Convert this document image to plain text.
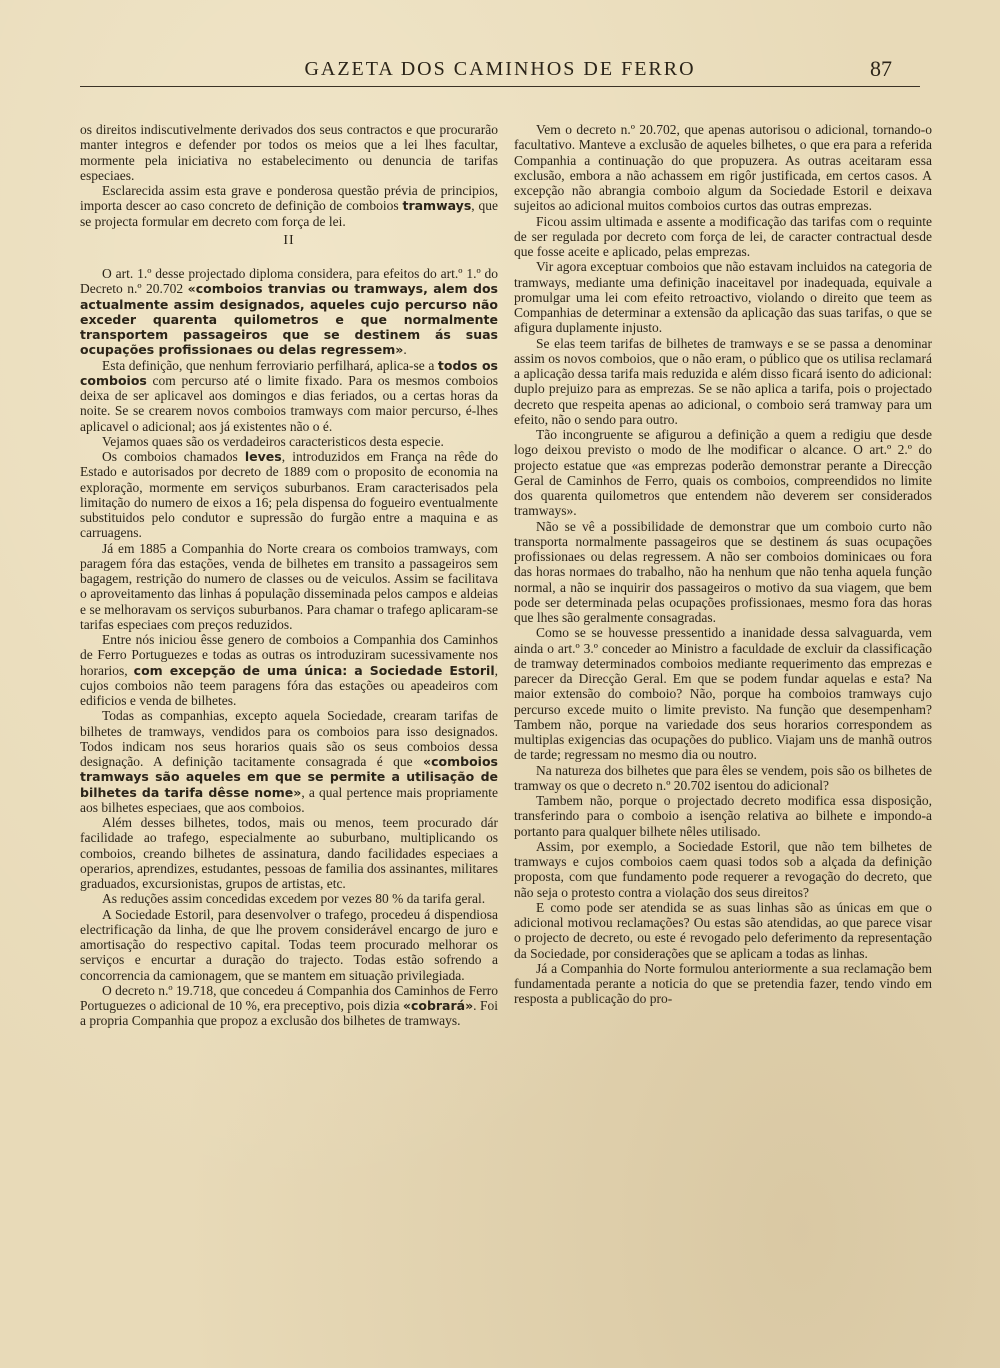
GAZETA DOS CAMINHOS DE FERRO	87

os direitos indiscutivelmente derivados dos seus contractos e que procurarão manter integros e defender por todos os meios que a lei lhes facultar, mormente pela iniciativa no estabelecimento ou denuncia de tarifas especiaes.

Esclarecida assim esta grave e ponderosa questão prévia de principios, importa descer ao caso concreto de definição de comboios tramways, que se projecta formular em decreto com força de lei.

II

O art. 1.º desse projectado diploma considera, para efeitos do art.º 1.º do Decreto n.º 20.702 «comboios tranvias ou tramways, alem dos actualmente assim designados, aqueles cujo percurso não exceder quarenta quilometros e que normalmente transportem passageiros que se destinem ás suas ocupações profissionaes ou delas regressem».

Esta definição, que nenhum ferroviario perfilhará, aplica-se a todos os comboios com percurso até o limite fixado. Para os mesmos comboios deixa de ser aplicavel aos domingos e dias feriados, ou a certas horas da noite. Se se crearem novos comboios tramways com maior percurso, é-lhes aplicavel o adicional; aos já existentes não o é.

Vejamos quaes são os verdadeiros caracteristicos desta especie.

Os comboios chamados leves, introduzidos em França na rêde do Estado e autorisados por decreto de 1889 com o proposito de economia na exploração, mormente em serviços suburbanos. Eram caracterisados pela limitação do numero de eixos a 16; pela dispensa do fogueiro eventualmente substituidos pelo condutor e supressão do furgão entre a maquina e as carruagens.

Já em 1885 a Companhia do Norte creara os comboios tramways, com paragem fóra das estações, venda de bilhetes em transito a passageiros sem bagagem, restrição do numero de classes ou de veiculos. Assim se facilitava o aproveitamento das linhas á população disseminada pelos campos e aldeias e se melhoravam os serviços suburbanos. Para chamar o trafego aplicaram-se tarifas especiaes com preços reduzidos.

Entre nós iniciou êsse genero de comboios a Companhia dos Caminhos de Ferro Portuguezes e todas as outras os introduziram sucessivamente nos horarios, com excepção de uma única: a Sociedade Estoril, cujos comboios não teem paragens fóra das estações ou apeadeiros com edificios e venda de bilhetes.

Todas as companhias, excepto aquela Sociedade, crearam tarifas de bilhetes de tramways, vendidos para os comboios para isso designados. Todos indicam nos seus horarios quais são os seus comboios dessa designação. A definição tacitamente consagrada é que «comboios tramways são aqueles em que se permite a utilisação de bilhetes da tarifa dêsse nome», a qual pertence mais propriamente aos bilhetes especiaes, que aos comboios.

Além desses bilhetes, todos, mais ou menos, teem procurado dár facilidade ao trafego, especialmente ao suburbano, multiplicando os comboios, creando bilhetes de assinatura, dando facilidades especiaes a operarios, aprendizes, estudantes, pessoas de familia dos assinantes, militares graduados, excursionistas, grupos de artistas, etc.

As reduções assim concedidas excedem por vezes 80 % da tarifa geral.

A Sociedade Estoril, para desenvolver o trafego, procedeu á dispendiosa electrificação da linha, de que lhe provem considerável encargo de juro e amortisação do respectivo capital. Todas teem procurado melhorar os serviços e encurtar a duração do trajecto. Todas estão sofrendo a concorrencia da camionagem, que se mantem em situação privilegiada.

O decreto n.º 19.718, que concedeu á Companhia dos Caminhos de Ferro Portuguezes o adicional de 10 %, era preceptivo, pois dizia «cobrará». Foi a propria Companhia que propoz a exclusão dos bilhetes de tramways.

Vem o decreto n.º 20.702, que apenas autorisou o adicional, tornando-o facultativo. Manteve a exclusão de aqueles bilhetes, o que era para a referida Companhia a continuação do que propuzera. As outras aceitaram essa exclusão, embora a não achassem em rigôr justificada, em certos casos. A excepção não abrangia comboio algum da Sociedade Estoril e deixava sujeitos ao adicional muitos comboios curtos das outras emprezas.

Ficou assim ultimada e assente a modificação das tarifas com o requinte de ser regulada por decreto com força de lei, de caracter contractual desde que fosse aceite e aplicado, pelas emprezas.

Vir agora exceptuar comboios que não estavam incluidos na categoria de tramways, mediante uma definição inaceitavel por inadequada, equivale a promulgar uma lei com efeito retroactivo, violando o direito que teem as Companhias de determinar a extensão da aplicação das suas tarifas, o que se afigura duplamente injusto.

Se elas teem tarifas de bilhetes de tramways e se se passa a denominar assim os novos comboios, que o não eram, o público que os utilisa reclamará a aplicação dessa tarifa mais reduzida e além disso ficará isento do adicional: duplo prejuizo para as emprezas. Se se não aplica a tarifa, pois o projectado decreto que respeita apenas ao adicional, o comboio será tramway para um efeito, não o sendo para outro.

Tão incongruente se afigurou a definição a quem a redigiu que desde logo deixou previsto o modo de lhe modificar o alcance. O art.º 2.º do projecto estatue que «as emprezas poderão demonstrar perante a Direcção Geral de Caminhos de Ferro, quais os comboios, compreendidos no limite dos quarenta quilometros que entendem não deverem ser considerados tramways».

Não se vê a possibilidade de demonstrar que um comboio curto não transporta normalmente passageiros que se destinem ás suas ocupações profissionaes ou delas regressem. A não ser comboios dominicaes ou fora das horas normaes do trabalho, não ha nenhum que não tenha aquela função normal, a não se inquirir dos passageiros o motivo da sua viagem, que bem pode ser determinada pelas ocupações profissionaes, mesmo fora das horas que lhes são geralmente consagradas.

Como se se houvesse pressentido a inanidade dessa salvaguarda, vem ainda o art.º 3.º conceder ao Ministro a faculdade de excluir da classificação de tramway determinados comboios mediante requerimento das emprezas e parecer da Direcção Geral. Em que se podem fundar aquelas e esta? Na maior extensão do comboio? Não, porque ha comboios tramways cujo percurso excede muito o limite previsto. Na função que desempenham? Tambem não, porque na variedade dos seus horarios correspondem as multiplas exigencias das ocupações do publico. Viajam uns de manhã outros de tarde; regressam no mesmo dia ou noutro.

Na natureza dos bilhetes que para êles se vendem, pois são os bilhetes de tramway os que o decreto n.º 20.702 isentou do adicional?

Tambem não, porque o projectado decreto modifica essa disposição, transferindo para o comboio a isenção relativa ao bilhete e impondo-a portanto para qualquer bilhete nêles utilisado.

Assim, por exemplo, a Sociedade Estoril, que não tem bilhetes de tramways e cujos comboios caem quasi todos sob a alçada da definição proposta, com que fundamento pode requerer a revogação do decreto, que não seja o protesto contra a violação dos seus direitos?

E como pode ser atendida se as suas linhas são as únicas em que o adicional motivou reclamações? Ou estas são atendidas, ao que parece visar o projecto de decreto, ou este é revogado pelo deferimento da representação da Sociedade, por considerações que se aplicam a todas as linhas.

Já a Companhia do Norte formulou anteriormente a sua reclamação bem fundamentada perante a noticia do que se pretendia fazer, tendo vindo em resposta a publicação do pro-
